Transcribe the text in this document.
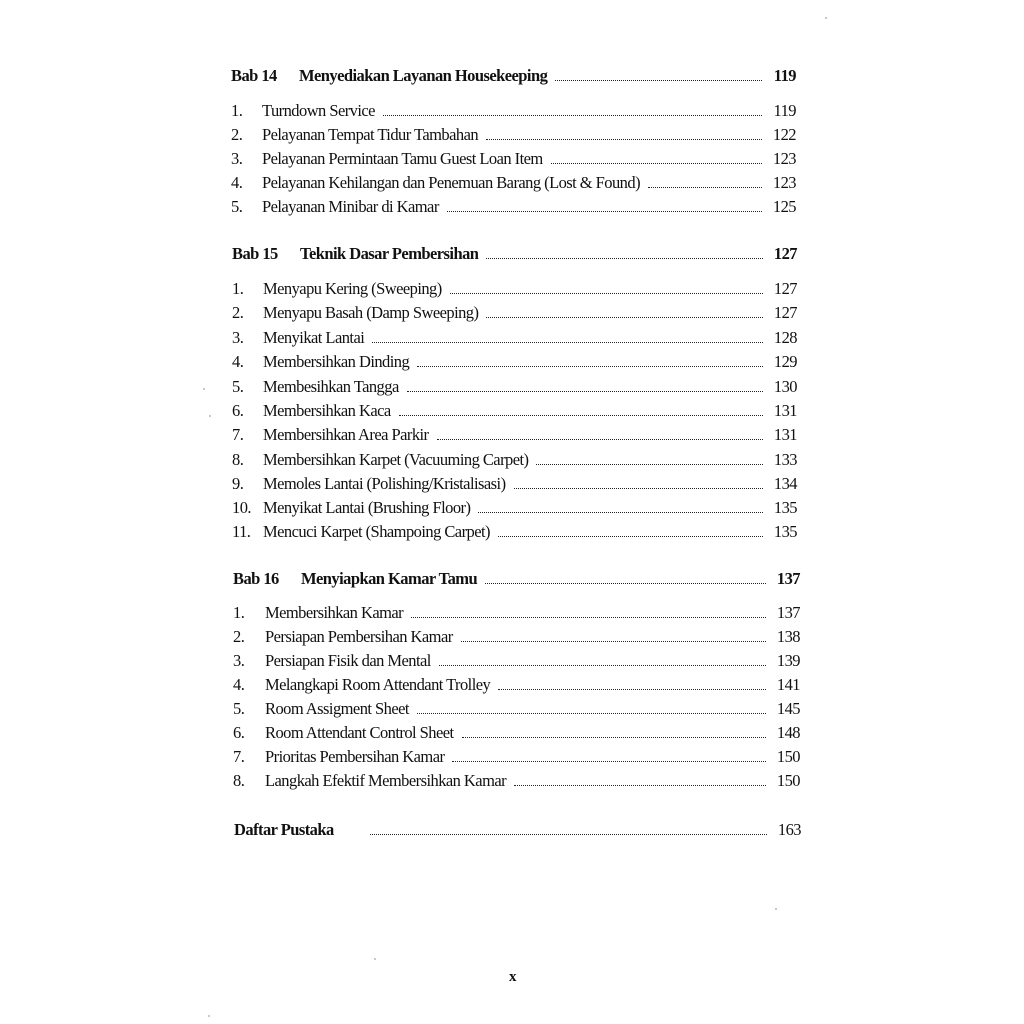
Bab 14	Menyediakan Layanan Housekeeping	119
1.	Turndown Service	119
2.	Pelayanan Tempat Tidur Tambahan	122
3.	Pelayanan Permintaan Tamu Guest Loan Item	123
4.	Pelayanan Kehilangan dan Penemuan Barang (Lost & Found)	123
5.	Pelayanan Minibar di Kamar	125
Bab 15	Teknik Dasar Pembersihan	127
1.	Menyapu Kering (Sweeping)	127
2.	Menyapu Basah (Damp Sweeping)	127
3.	Menyikat Lantai	128
4.	Membersihkan Dinding	129
5.	Membesihkan Tangga	130
6.	Membersihkan Kaca	131
7.	Membersihkan Area Parkir	131
8.	Membersihkan Karpet (Vacuuming Carpet)	133
9.	Memoles Lantai (Polishing/Kristalisasi)	134
10. Menyikat Lantai (Brushing Floor)	135
11. Mencuci Karpet (Shampoing Carpet)	135
Bab 16	Menyiapkan Kamar Tamu	137
1.	Membersihkan Kamar	137
2.	Persiapan Pembersihan Kamar	138
3.	Persiapan Fisik dan Mental	139
4.	Melangkapi Room Attendant Trolley	141
5.	Room Assigment Sheet	145
6.	Room Attendant Control Sheet	148
7.	Prioritas Pembersihan Kamar	150
8.	Langkah Efektif Membersihkan Kamar	150
Daftar Pustaka	163
x
